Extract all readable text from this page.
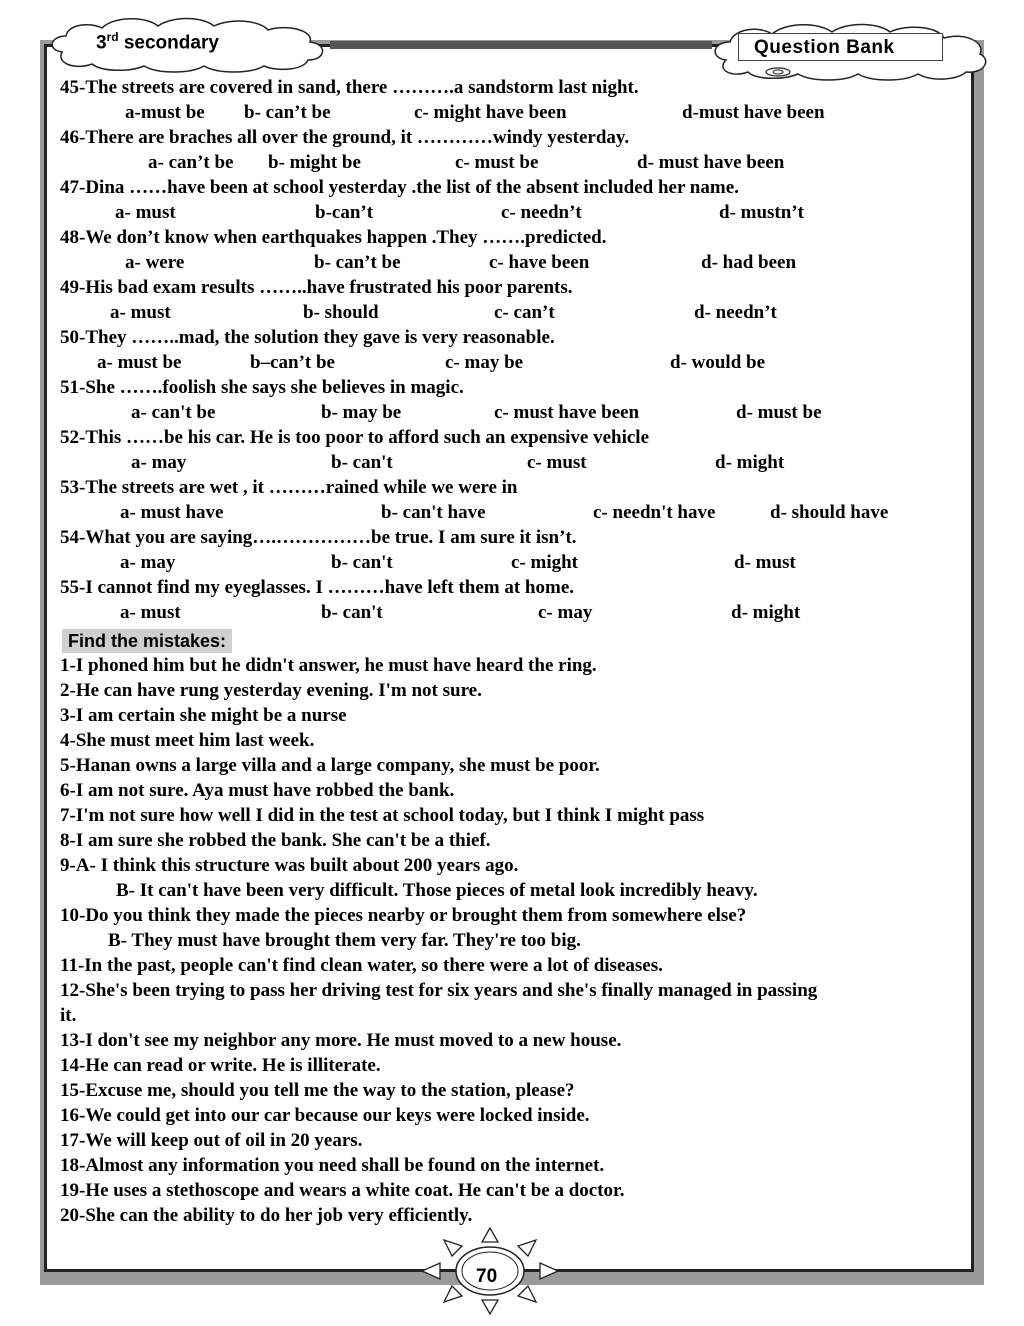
3rd secondary	Question Bank
45-The streets are covered in sand, there ……….a sandstorm last night.
a-must be b- can’t be	c- might have been	d-must have been
46-There are braches all over the ground, it …………windy yesterday.
a- can’t be b- might be	c- must be	d- must have been
47-Dina ……have been at school yesterday .the list of the absent included her name.
a- must	b-can’t	c- needn’t	d- mustn’t
48-We don’t know when earthquakes happen .They …….predicted.
a- were	b- can’t be	c- have been	d- had been
49-His bad exam results ……..have frustrated his poor parents.
a- must	b- should	c- can’t	d- needn’t
50-They ……..mad, the solution they gave is very reasonable.
a- must be	b–can’t be	c- may be	d- would be
51-She …….foolish she says she believes in magic.
a- can't be	b- may be	c- must have been	d- must be
52-This ……be his car. He is too poor to afford such an expensive vehicle
a- may	b- can't	c- must	d- might
53-The streets are wet , it ………rained while we were in
a- must have	b- can't have	c- needn't have	d- should have
54-What you are saying….……………be true. I am sure it isn’t.
a- may	b- can't	c- might	d- must
55-I cannot find my eyeglasses. I ………have left them at home.
a- must	b- can't	c- may	d- might
Find the mistakes:
1-I phoned him but he didn't answer, he must have heard the ring.
2-He can have rung yesterday evening. I'm not sure.
3-I am certain she might be a nurse
4-She must meet him last week.
5-Hanan owns a large villa and a large company, she must be poor.
6-I am not sure. Aya must have robbed the bank.
7-I'm not sure how well I did in the test at school today, but I think I might pass
8-I am sure she robbed the bank. She can't be a thief.
9-A- I think this structure was built about 200 years ago.
B- It can't have been very difficult. Those pieces of metal look incredibly heavy.
10-Do you think they made the pieces nearby or brought them from somewhere else?
B- They must have brought them very far. They're too big.
11-In the past, people can't find clean water, so there were a lot of diseases.
12-She's been trying to pass her driving test for six years and she's finally managed in passing
it.
13-I don't see my neighbor any more. He must moved to a new house.
14-He can read or write. He is illiterate.
15-Excuse me, should you tell me the way to the station, please?
16-We could get into our car because our keys were locked inside.
17-We will keep out of oil in 20 years.
18-Almost any information you need shall be found on the internet.
19-He uses a stethoscope and wears a white coat. He can't be a doctor.
20-She can the ability to do her job very efficiently.
70
